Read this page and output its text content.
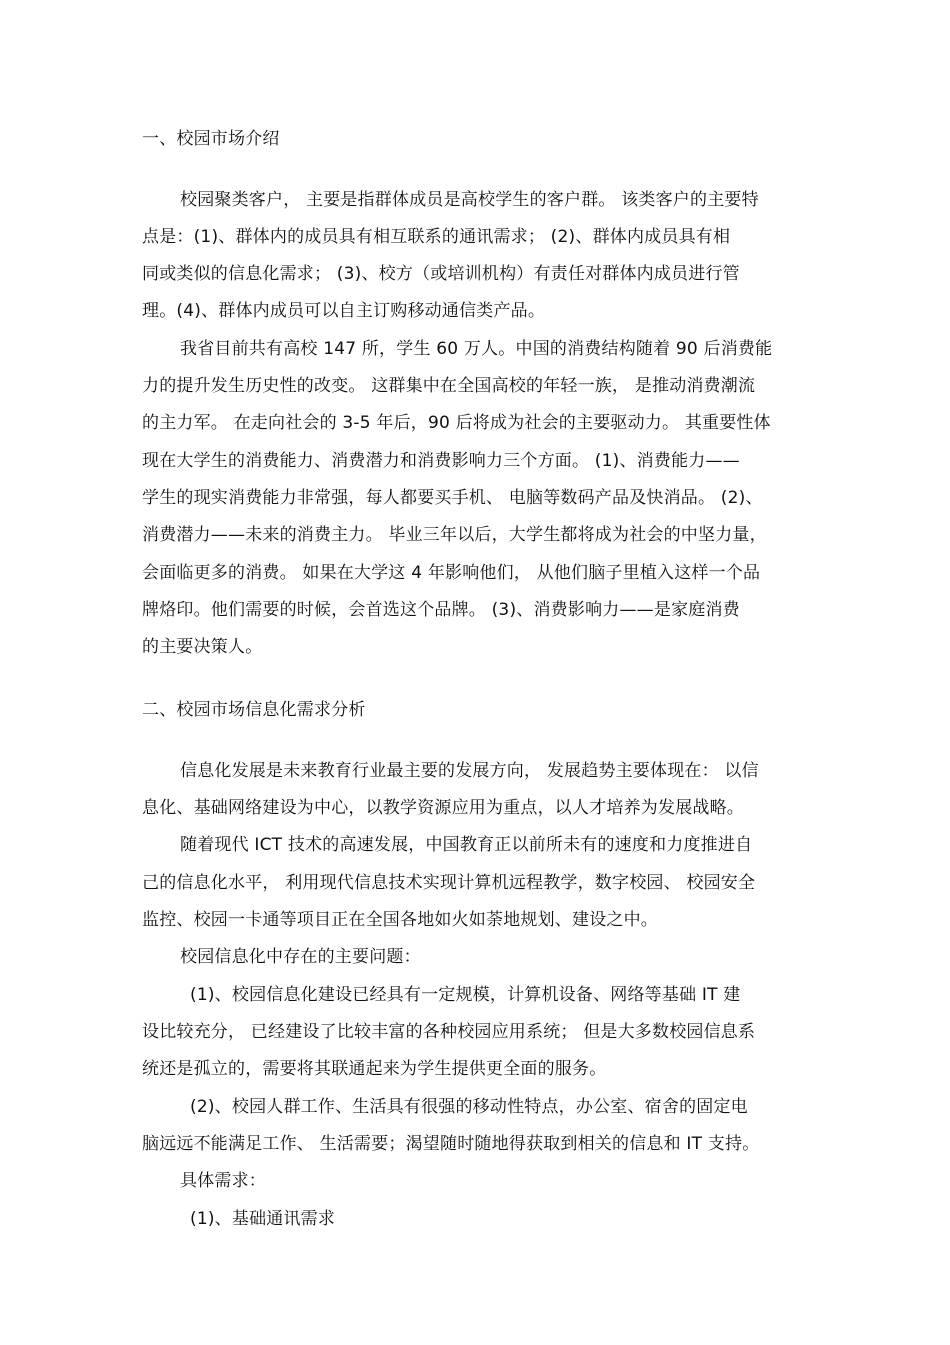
一、校园市场介绍
校园聚类客户， 主要是指群体成员是高校学生的客户群。 该类客户的主要特
点是：(1)、群体内的成员具有相互联系的通讯需求； (2)、群体内成员具有相
同或类似的信息化需求； (3)、校方（或培训机构）有责任对群体内成员进行管
理。(4)、群体内成员可以自主订购移动通信类产品。
我省目前共有高校 147 所，学生 60 万人。中国的消费结构随着 90 后消费能
力的提升发生历史性的改变。 这群集中在全国高校的年轻一族， 是推动消费潮流
的主力军。 在走向社会的 3-5 年后，90 后将成为社会的主要驱动力。 其重要性体
现在大学生的消费能力、消费潜力和消费影响力三个方面。 (1)、消费能力——
学生的现实消费能力非常强，每人都要买手机、 电脑等数码产品及快消品。 (2)、
消费潜力——未来的消费主力。 毕业三年以后，大学生都将成为社会的中坚力量，
会面临更多的消费。 如果在大学这 4 年影响他们， 从他们脑子里植入这样一个品
牌烙印。他们需要的时候，会首选这个品牌。 (3)、消费影响力——是家庭消费
的主要决策人。
二、校园市场信息化需求分析
信息化发展是未来教育行业最主要的发展方向， 发展趋势主要体现在： 以信
息化、基础网络建设为中心，以教学资源应用为重点，以人才培养为发展战略。
随着现代 ICT 技术的高速发展，中国教育正以前所未有的速度和力度推进自
己的信息化水平， 利用现代信息技术实现计算机远程教学，数字校园、 校园安全
监控、校园一卡通等项目正在全国各地如火如荼地规划、建设之中。
校园信息化中存在的主要问题：
(1)、校园信息化建设已经具有一定规模，计算机设备、网络等基础 IT 建
设比较充分， 已经建设了比较丰富的各种校园应用系统； 但是大多数校园信息系
统还是孤立的，需要将其联通起来为学生提供更全面的服务。
(2)、校园人群工作、生活具有很强的移动性特点，办公室、宿舍的固定电
脑远远不能满足工作、 生活需要；渴望随时随地得获取到相关的信息和 IT 支持。
具体需求：
(1)、基础通讯需求
